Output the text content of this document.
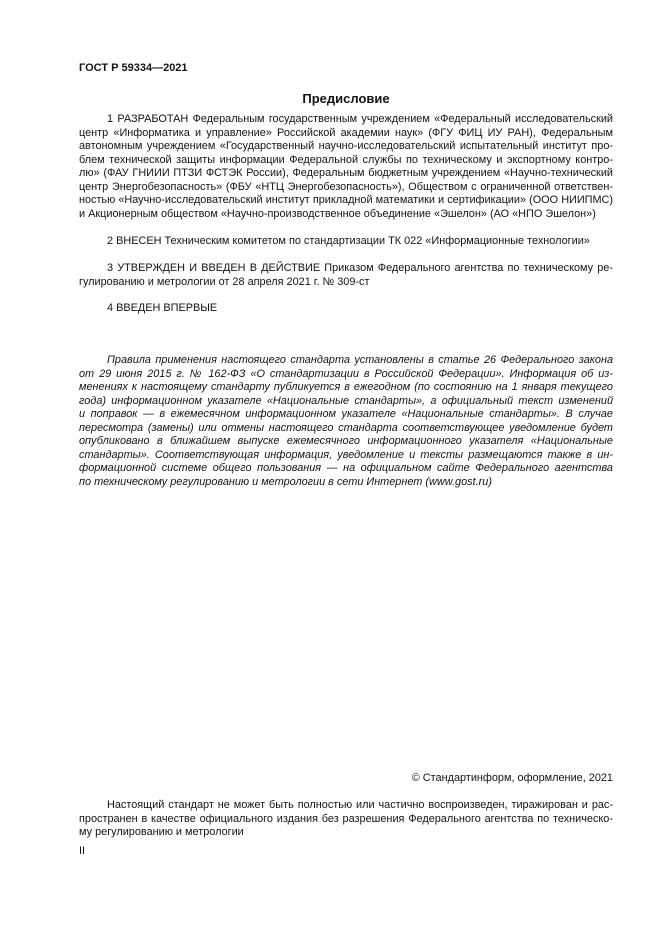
ГОСТ Р 59334—2021
Предисловие
1 РАЗРАБОТАН Федеральным государственным учреждением «Федеральный исследовательский
центр «Информатика и управление» Российской академии наук» (ФГУ ФИЦ ИУ РАН), Федеральным
автономным учреждением «Государственный научно-исследовательский испытательный институт про-
блем технической защиты информации Федеральной службы по техническому и экспортному контро-
лю» (ФАУ ГНИИИ ПТЗИ ФСТЭК России), Федеральным бюджетным учреждением «Научно-технический
центр Энергобезопасность» (ФБУ «НТЦ Энергобезопасность»), Обществом с ограниченной ответствен-
ностью «Научно-исследовательский институт прикладной математики и сертификации» (ООО НИИПМС)
и Акционерным обществом «Научно-производственное объединение «Эшелон» (АО «НПО Эшелон»)
2 ВНЕСЕН Техническим комитетом по стандартизации ТК 022 «Информационные технологии»
3 УТВЕРЖДЕН И ВВЕДЕН В ДЕЙСТВИЕ Приказом Федерального агентства по техническому ре-
гулированию и метрологии от 28 апреля 2021 г. № 309-ст
4 ВВЕДЕН ВПЕРВЫЕ
Правила применения настоящего стандарта установлены в статье 26 Федерального закона
от 29 июня 2015 г. № 162-ФЗ «О стандартизации в Российской Федерации». Информация об из-
менениях к настоящему стандарту публикуется в ежегодном (по состоянию на 1 января текущего
года) информационном указателе «Национальные стандарты», а официальный текст изменений
и поправок — в ежемесячном информационном указателе «Национальные стандарты». В случае
пересмотра (замены) или отмены настоящего стандарта соответствующее уведомление будет
опубликовано в ближайшем выпуске ежемесячного информационного указателя «Национальные
стандарты». Соответствующая информация, уведомление и тексты размещаются также в ин-
формационной системе общего пользования — на официальном сайте Федерального агентства
по техническому регулированию и метрологии в сети Интернет (www.gost.ru)
© Стандартинформ, оформление, 2021
Настоящий стандарт не может быть полностью или частично воспроизведен, тиражирован и рас-
пространен в качестве официального издания без разрешения Федерального агентства по техническо-
му регулированию и метрологии
II
